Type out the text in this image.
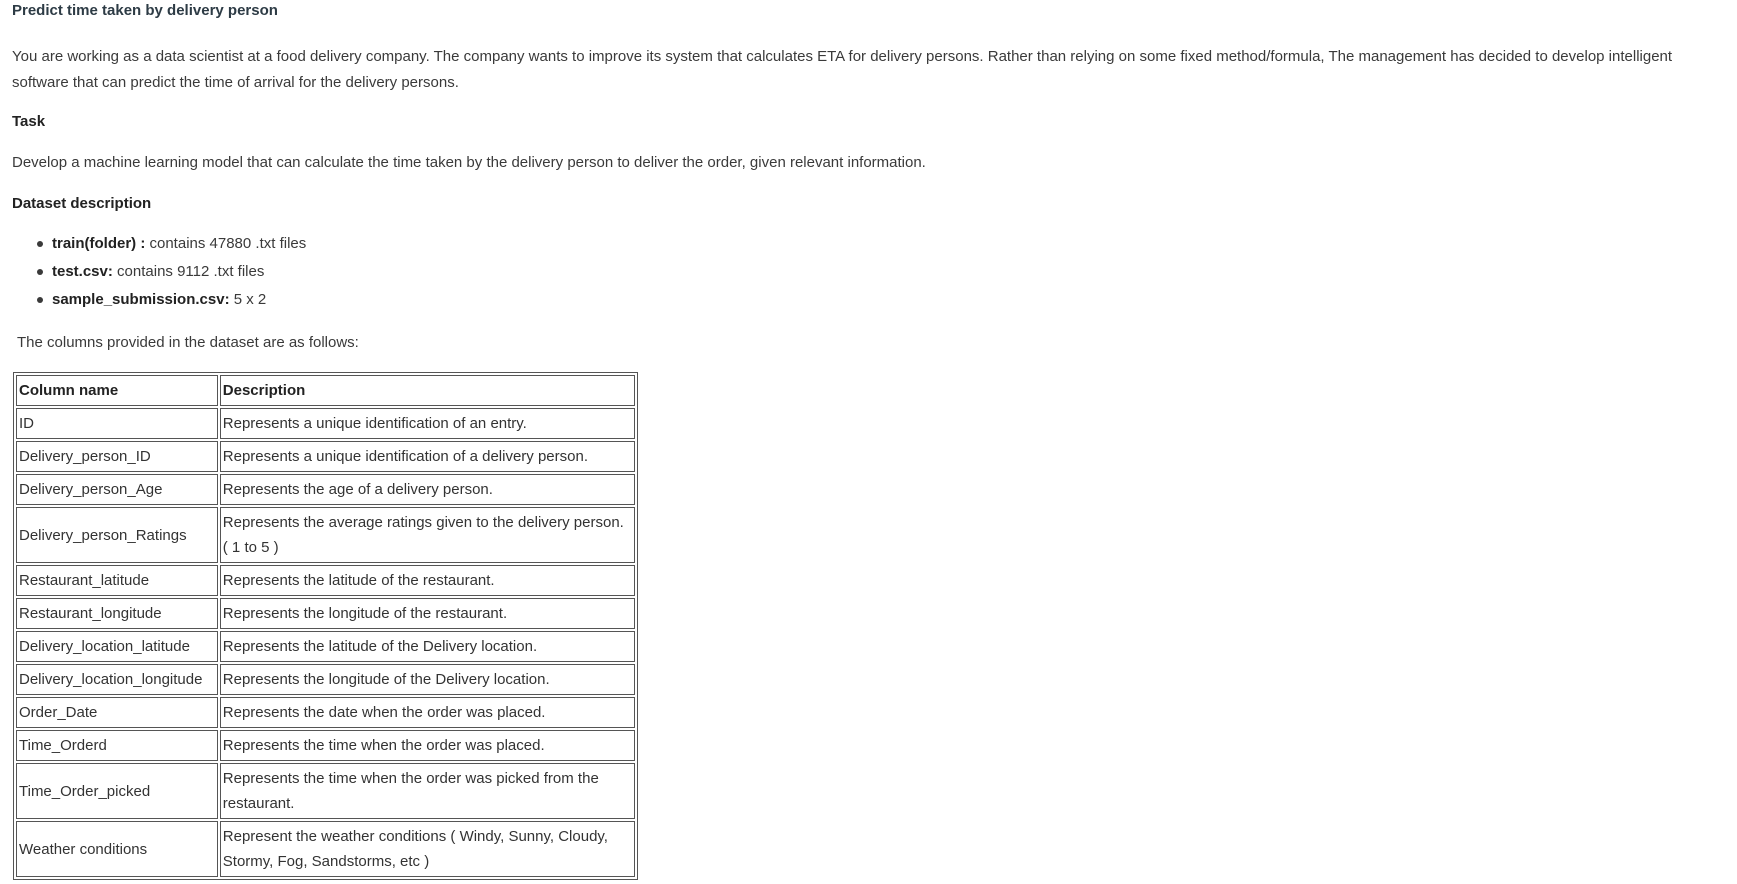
Predict time taken by delivery person

You are working as a data scientist at a food delivery company. The company wants to improve its system that calculates ETA for delivery persons. Rather than relying on some fixed method/formula, The management has decided to develop intelligent software that can predict the time of arrival for the delivery persons.

Task

Develop a machine learning model that can calculate the time taken by the delivery person to deliver the order, given relevant information.

Dataset description

train(folder) : contains 47880 .txt files
test.csv: contains 9112 .txt files
sample_submission.csv: 5 x 2

The columns provided in the dataset are as follows:

Column name	Description
ID	Represents a unique identification of an entry.
Delivery_person_ID	Represents a unique identification of a delivery person.
Delivery_person_Age	Represents the age of a delivery person.
Delivery_person_Ratings	Represents the average ratings given to the delivery person. ( 1 to 5 )
Restaurant_latitude	Represents the latitude of the restaurant.
Restaurant_longitude	Represents the longitude of the restaurant.
Delivery_location_latitude	Represents the latitude of the Delivery location.
Delivery_location_longitude	Represents the longitude of the Delivery location.
Order_Date	Represents the date when the order was placed.
Time_Orderd	Represents the time when the order was placed.
Time_Order_picked	Represents the time when the order was picked from the restaurant.
Weather conditions	Represent the weather conditions ( Windy, Sunny, Cloudy, Stormy, Fog, Sandstorms, etc )
